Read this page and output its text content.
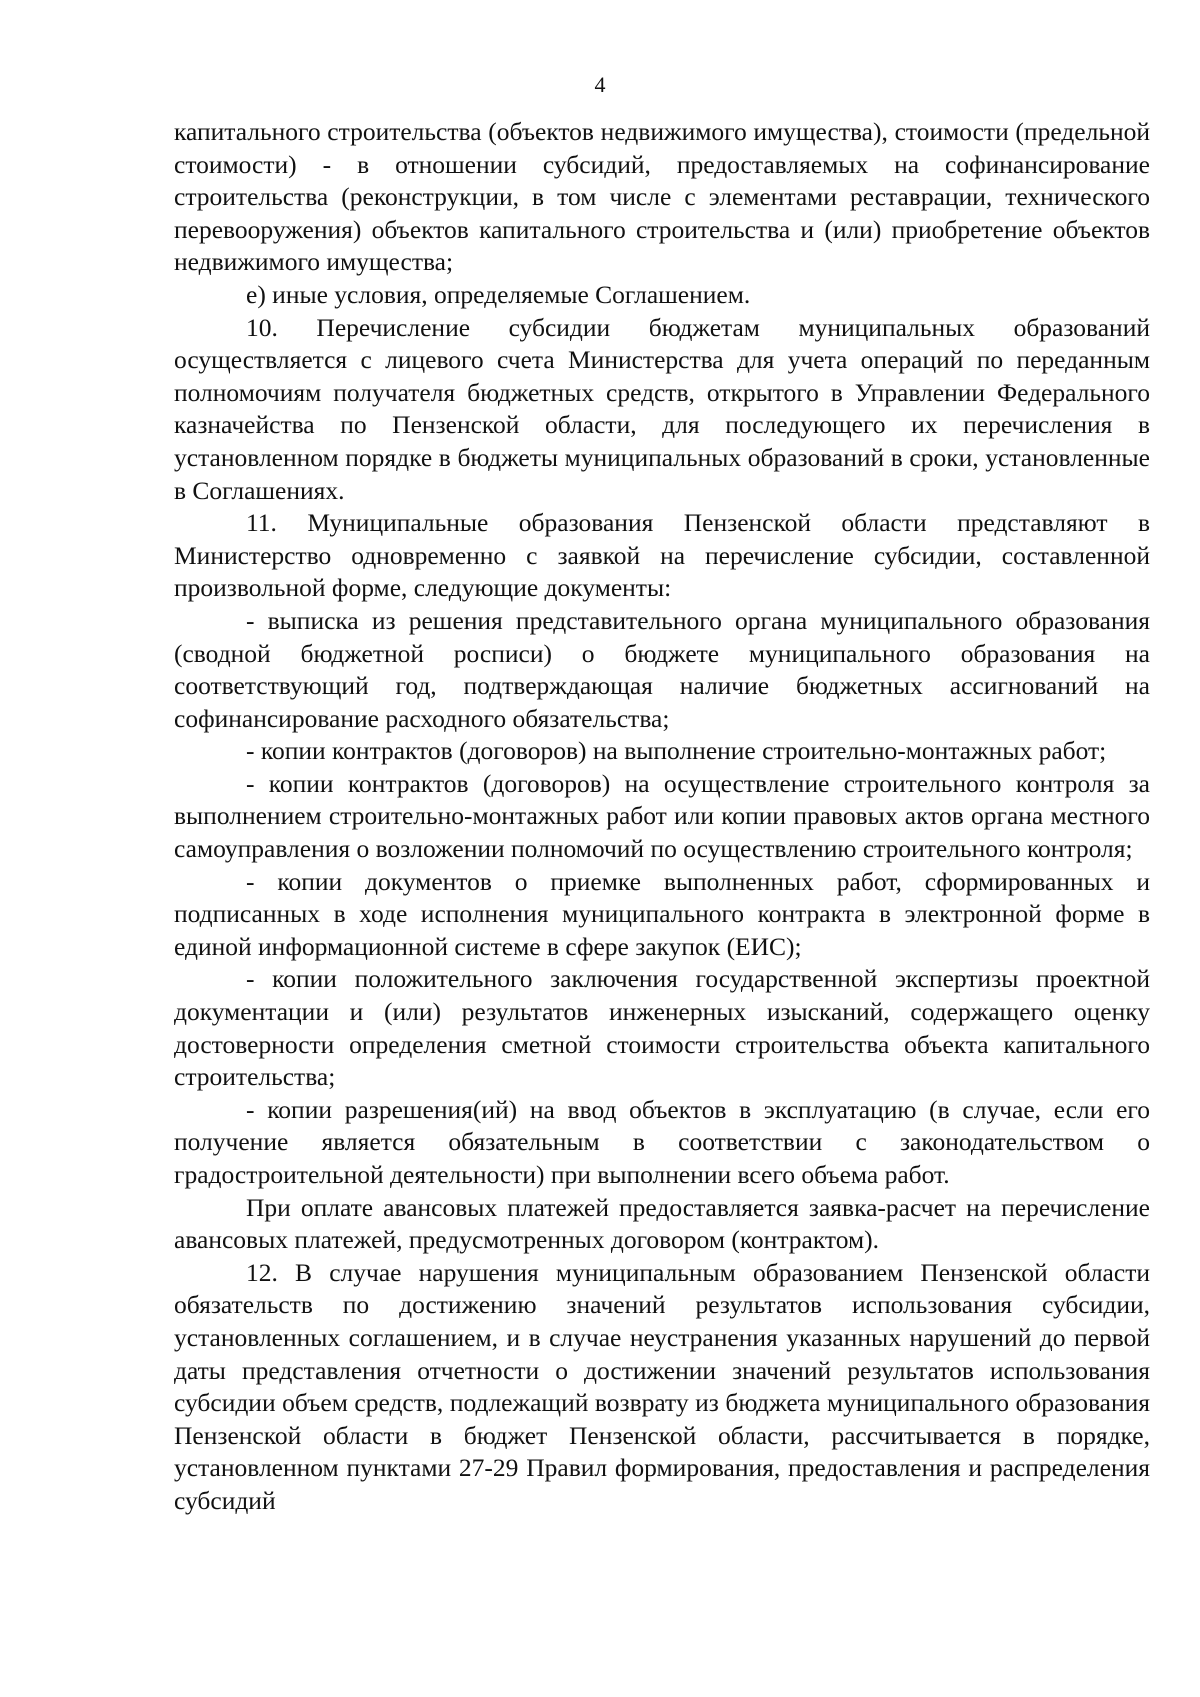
4

капитального строительства (объектов недвижимого имущества), стоимости (предельной стоимости) - в отношении субсидий, предоставляемых на софинансирование строительства (реконструкции, в том числе с элементами реставрации, технического перевооружения) объектов капитального строительства и (или) приобретение объектов недвижимого имущества;

е) иные условия, определяемые Соглашением.

10. Перечисление субсидии бюджетам муниципальных образований осуществляется с лицевого счета Министерства для учета операций по переданным полномочиям получателя бюджетных средств, открытого в Управлении Федерального казначейства по Пензенской области, для последующего их перечисления в установленном порядке в бюджеты муниципальных образований в сроки, установленные в Соглашениях.

11. Муниципальные образования Пензенской области представляют в Министерство одновременно с заявкой на перечисление субсидии, составленной произвольной форме, следующие документы:

- выписка из решения представительного органа муниципального образования (сводной бюджетной росписи) о бюджете муниципального образования на соответствующий год, подтверждающая наличие бюджетных ассигнований на софинансирование расходного обязательства;

- копии контрактов (договоров) на выполнение строительно-монтажных работ;

- копии контрактов (договоров) на осуществление строительного контроля за выполнением строительно-монтажных работ или копии правовых актов органа местного самоуправления о возложении полномочий по осуществлению строительного контроля;

- копии документов о приемке выполненных работ, сформированных и подписанных в ходе исполнения муниципального контракта в электронной форме в единой информационной системе в сфере закупок (ЕИС);

- копии положительного заключения государственной экспертизы проектной документации и (или) результатов инженерных изысканий, содержащего оценку достоверности определения сметной стоимости строительства объекта капитального строительства;

- копии разрешения(ий) на ввод объектов в эксплуатацию (в случае, если его получение является обязательным в соответствии с законодательством о градостроительной деятельности) при выполнении всего объема работ.

При оплате авансовых платежей предоставляется заявка-расчет на перечисление авансовых платежей, предусмотренных договором (контрактом).

12. В случае нарушения муниципальным образованием Пензенской области обязательств по достижению значений результатов использования субсидии, установленных соглашением, и в случае неустранения указанных нарушений до первой даты представления отчетности о достижении значений результатов использования субсидии объем средств, подлежащий возврату из бюджета муниципального образования Пензенской области в бюджет Пензенской области, рассчитывается в порядке, установленном пунктами 27-29 Правил формирования, предоставления и распределения субсидий
